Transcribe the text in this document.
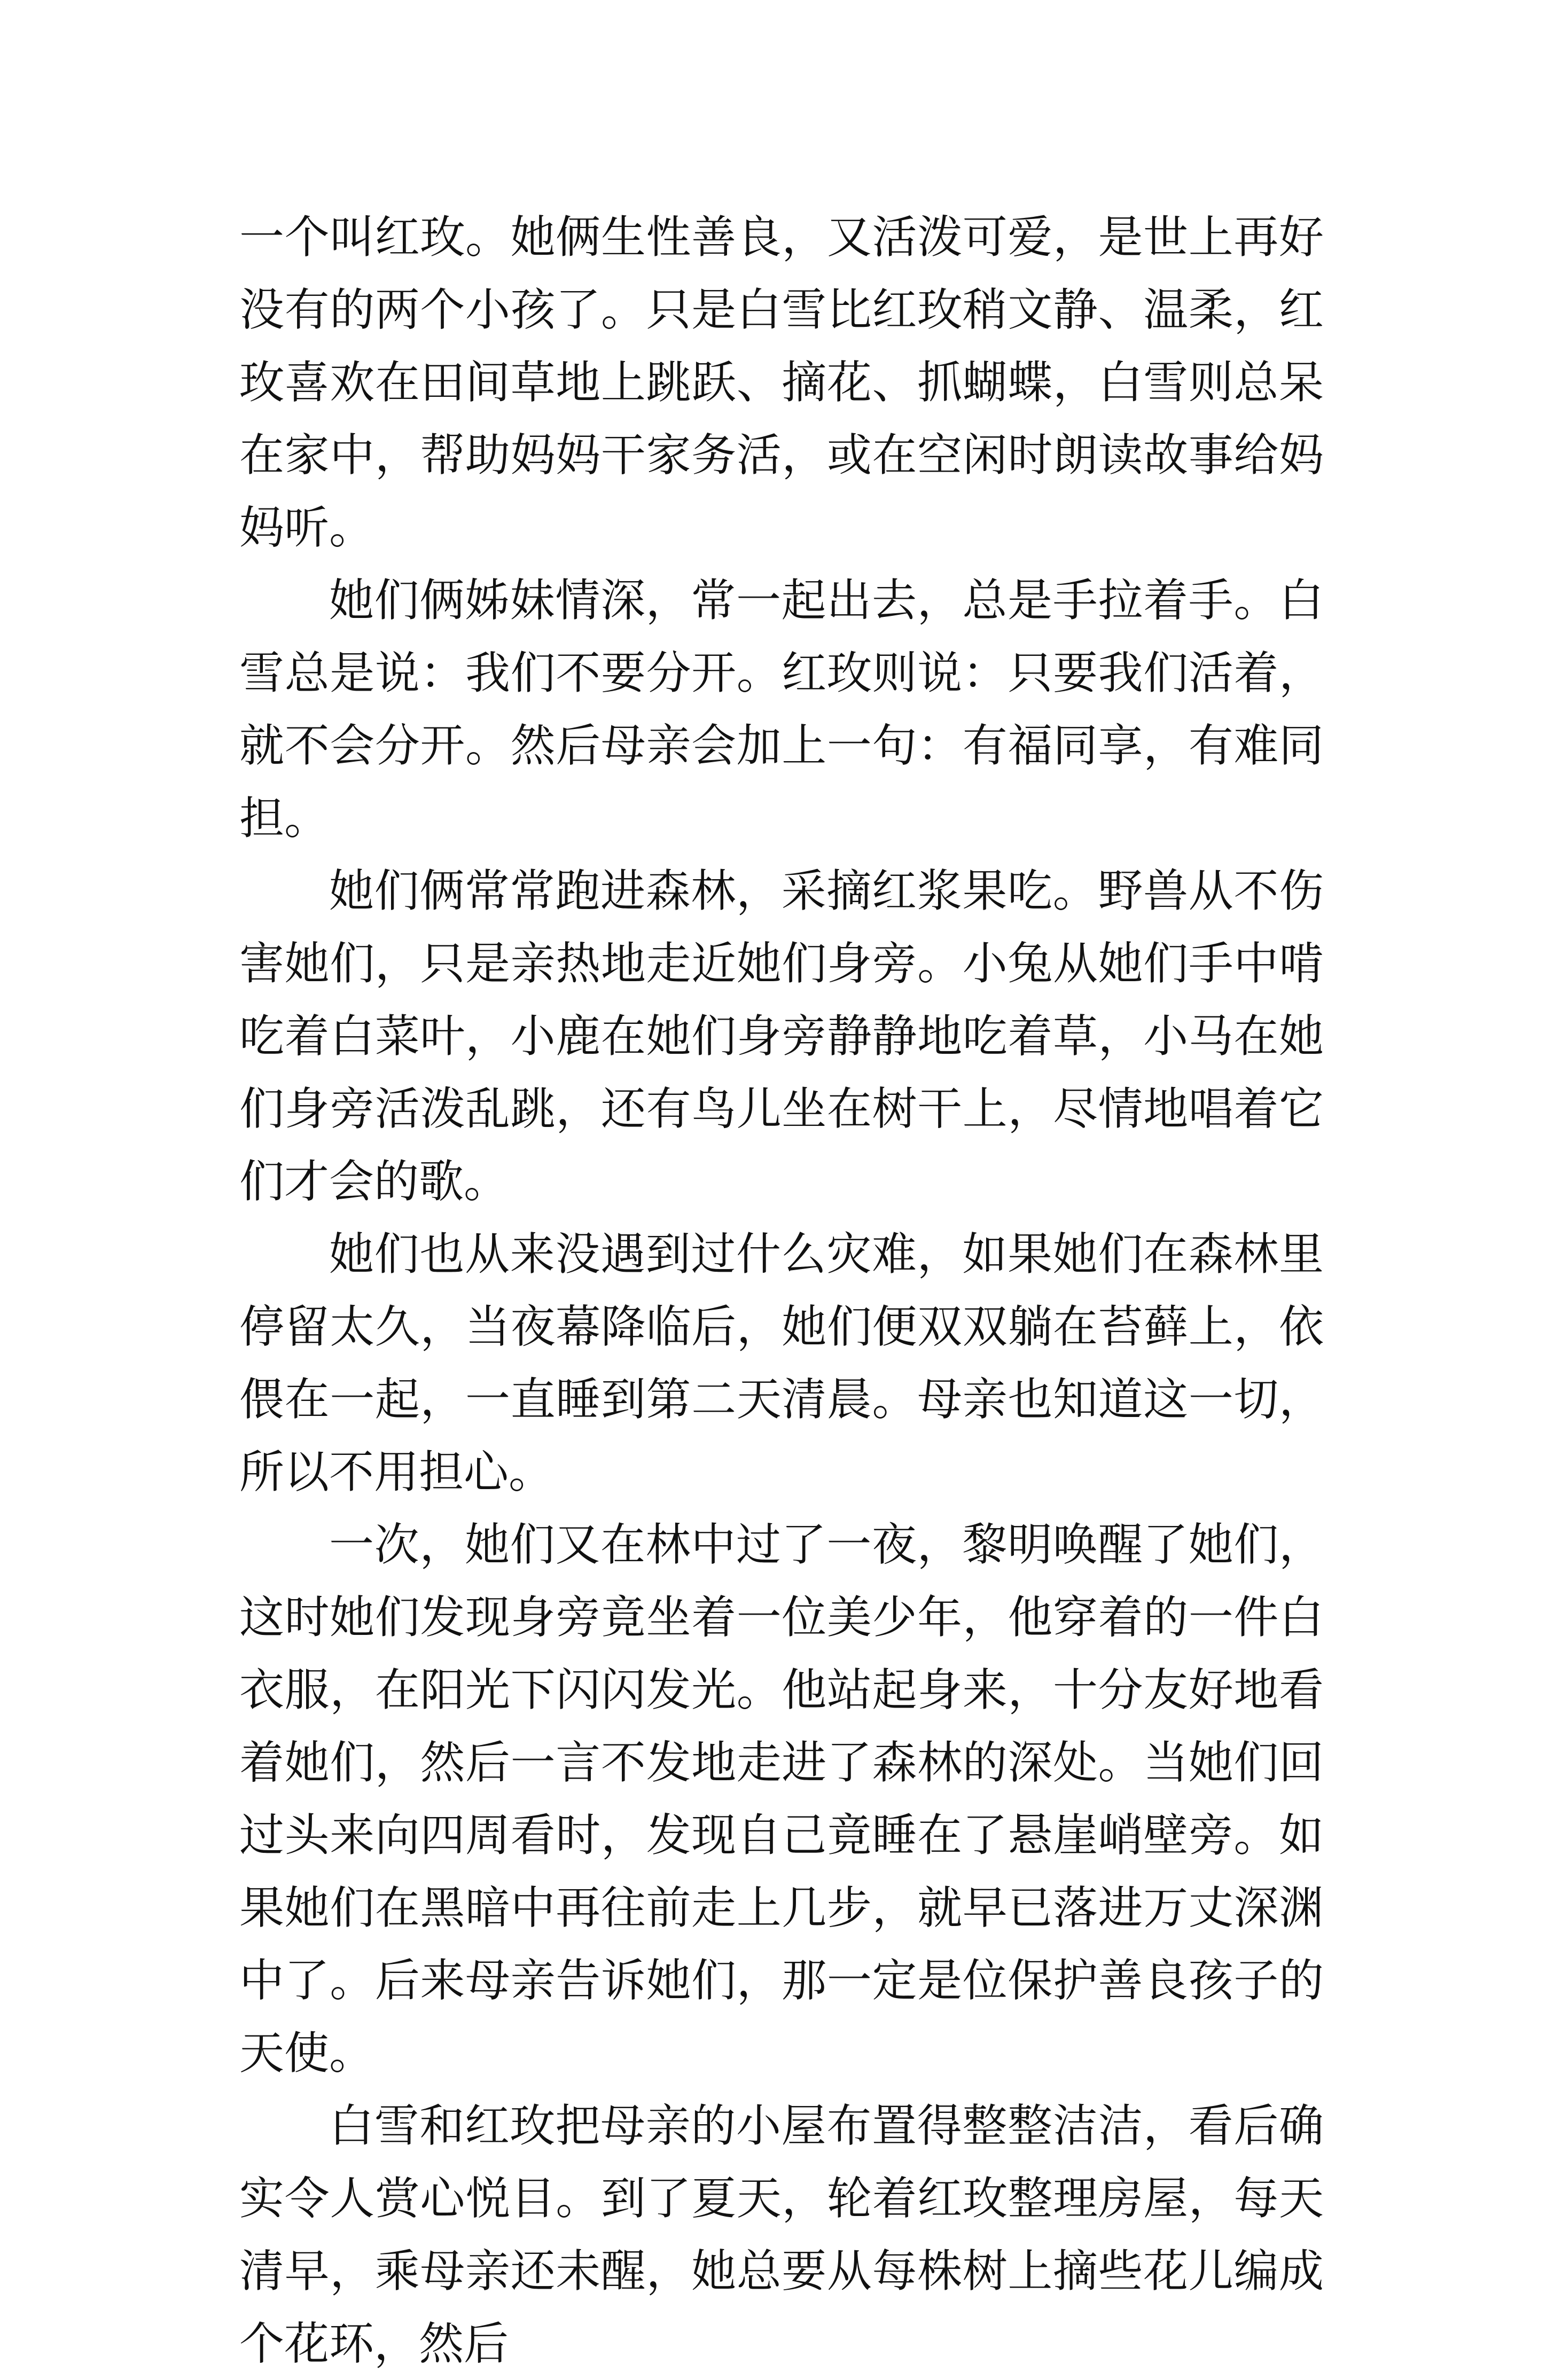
一个叫红玫。她俩生性善良，又活泼可爱，是世上再好没有的两个小孩了。只是白雪比红玫稍文静、温柔，红玫喜欢在田间草地上跳跃、摘花、抓蝴蝶，白雪则总呆在家中，帮助妈妈干家务活，或在空闲时朗读故事给妈妈听。

她们俩姊妹情深，常一起出去，总是手拉着手。白雪总是说：我们不要分开。红玫则说：只要我们活着，就不会分开。然后母亲会加上一句：有福同享，有难同担。

她们俩常常跑进森林，采摘红浆果吃。野兽从不伤害她们，只是亲热地走近她们身旁。小兔从她们手中啃吃着白菜叶，小鹿在她们身旁静静地吃着草，小马在她们身旁活泼乱跳，还有鸟儿坐在树干上，尽情地唱着它们才会的歌。

她们也从来没遇到过什么灾难，如果她们在森林里停留太久，当夜幕降临后，她们便双双躺在苔藓上，依偎在一起，一直睡到第二天清晨。母亲也知道这一切，所以不用担心。

一次，她们又在林中过了一夜，黎明唤醒了她们，这时她们发现身旁竟坐着一位美少年，他穿着的一件白衣服，在阳光下闪闪发光。他站起身来，十分友好地看着她们，然后一言不发地走进了森林的深处。当她们回过头来向四周看时，发现自己竟睡在了悬崖峭壁旁。如果她们在黑暗中再往前走上几步，就早已落进万丈深渊中了。后来母亲告诉她们，那一定是位保护善良孩子的天使。

白雪和红玫把母亲的小屋布置得整整洁洁，看后确实令人赏心悦目。到了夏天，轮着红玫整理房屋，每天清早，乘母亲还未醒，她总要从每株树上摘些花儿编成个花环，然后
